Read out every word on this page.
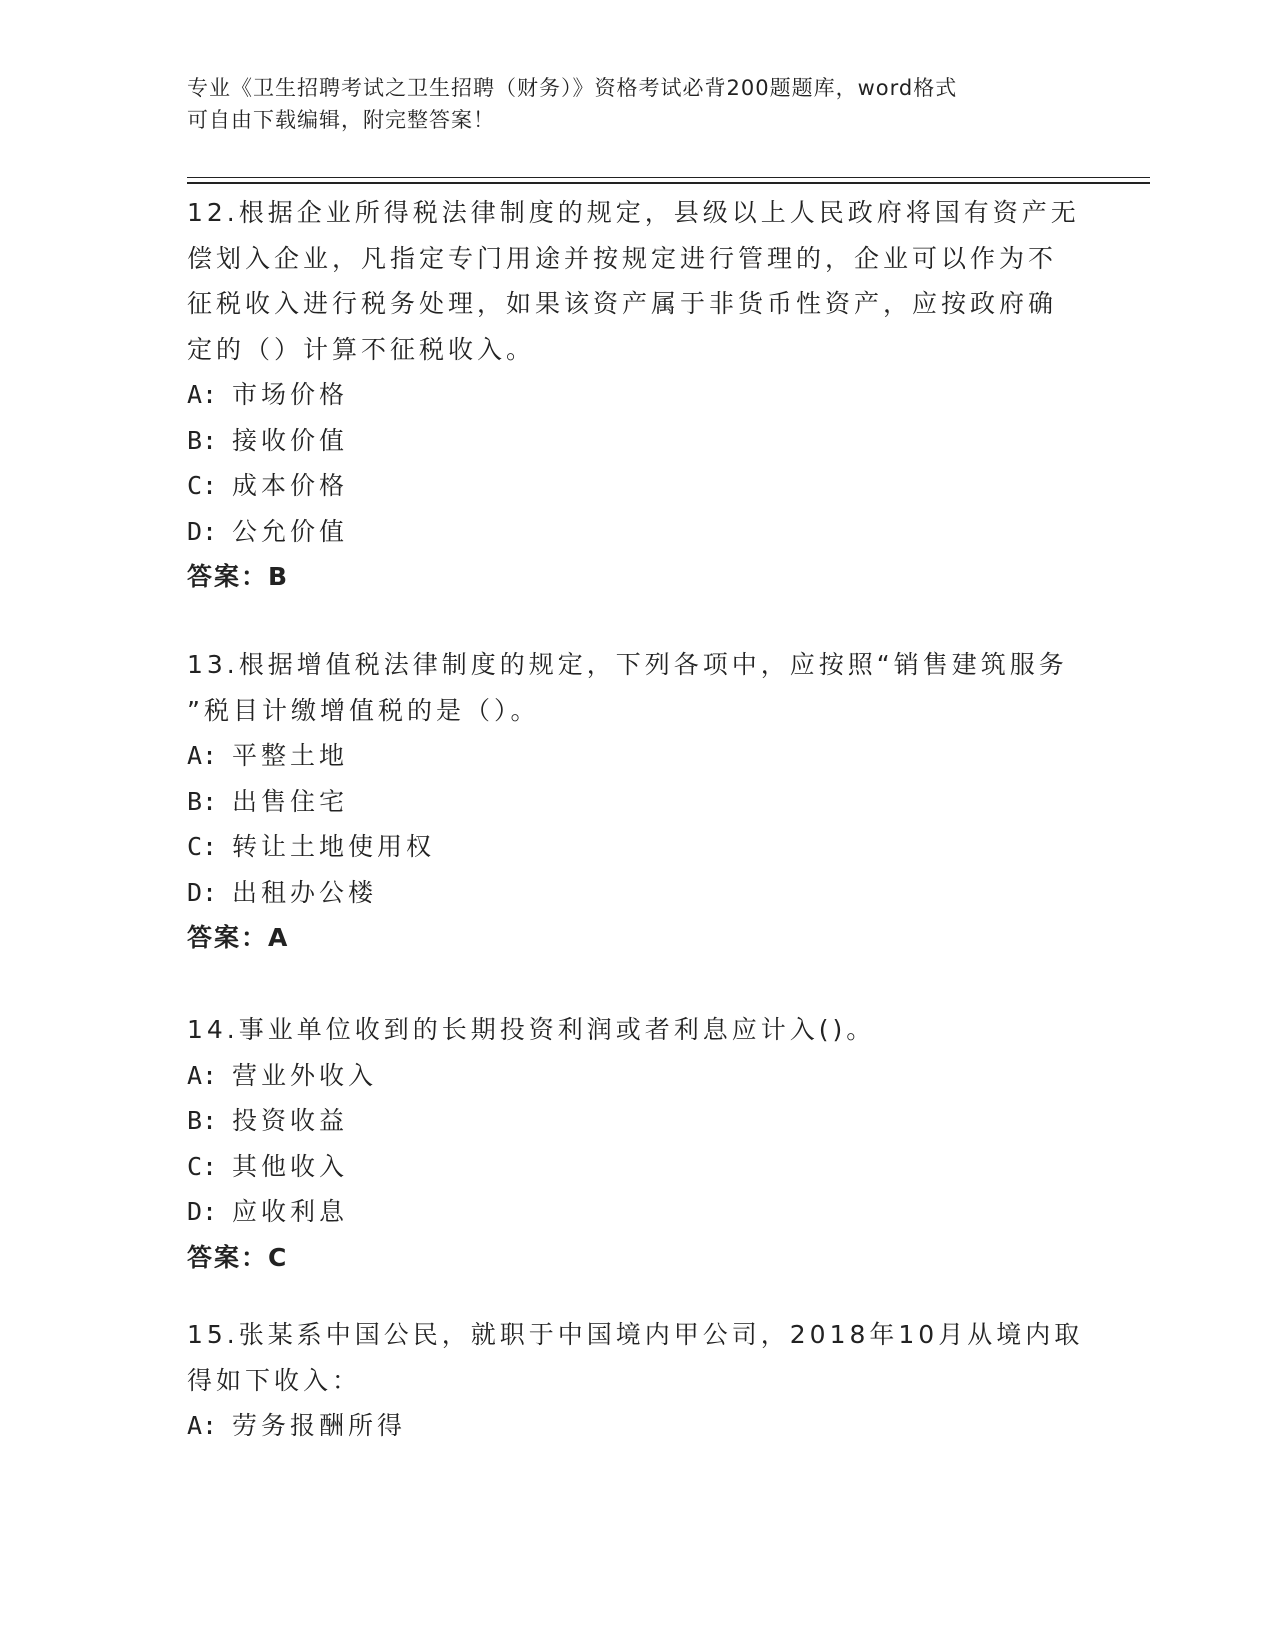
专业《卫生招聘考试之卫生招聘（财务）》资格考试必背200题题库，word格式
可自由下载编辑，附完整答案！

12.根据企业所得税法律制度的规定，县级以上人民政府将国有资产无
偿划入企业，凡指定专门用途并按规定进行管理的，企业可以作为不
征税收入进行税务处理，如果该资产属于非货币性资产，应按政府确
定的（）计算不征税收入。

A: 市场价格
B: 接收价值
C: 成本价格
D: 公允价值

答案：B

13.根据增值税法律制度的规定，下列各项中，应按照“销售建筑服务
”税目计缴增值税的是（）。

A: 平整土地
B: 出售住宅
C: 转让土地使用权
D: 出租办公楼

答案：A

14.事业单位收到的长期投资利润或者利息应计入()。

A: 营业外收入
B: 投资收益
C: 其他收入
D: 应收利息

答案：C

15.张某系中国公民，就职于中国境内甲公司，2018年10月从境内取
得如下收入：

A: 劳务报酬所得
